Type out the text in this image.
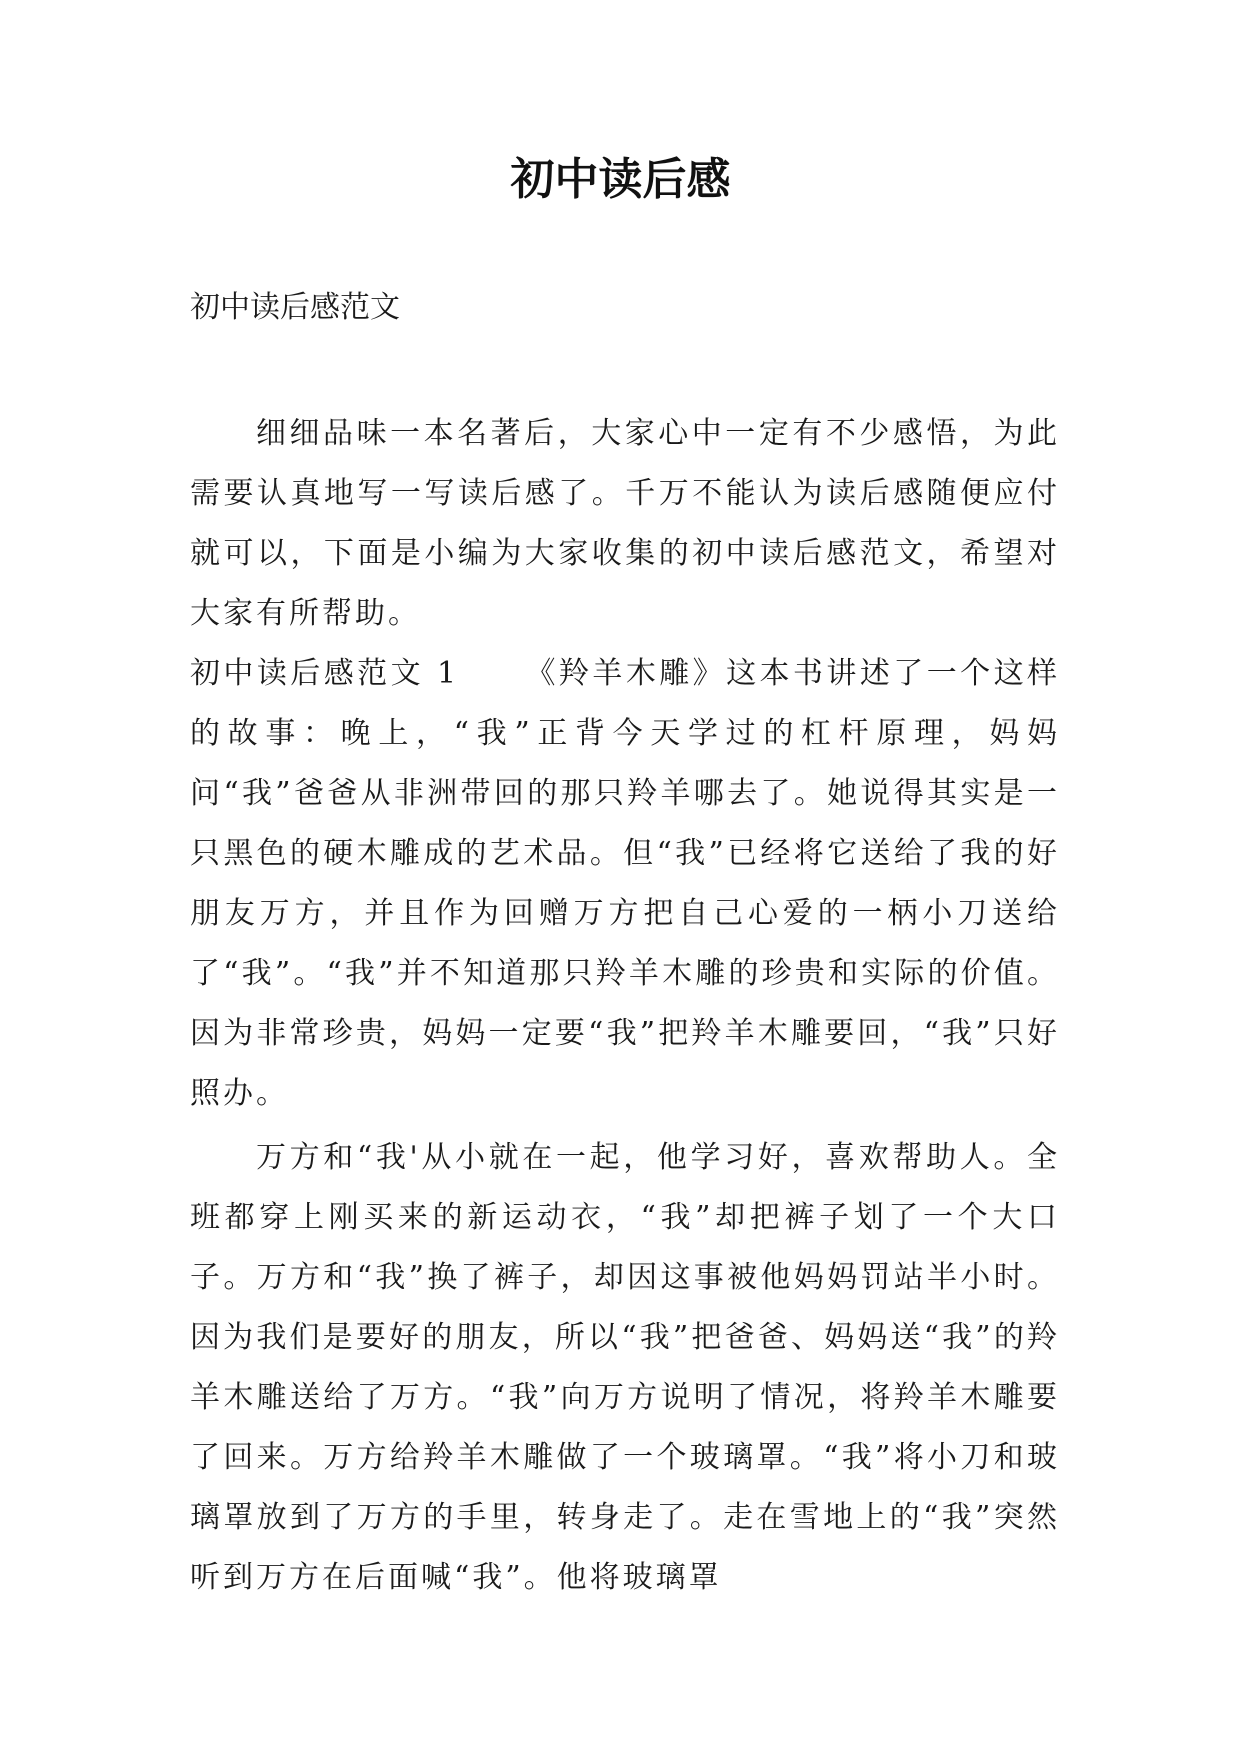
初中读后感

初中读后感范文

细细品味一本名著后，大家心中一定有不少感悟，为此需要认真地写一写读后感了。千万不能认为读后感随便应付就可以，下面是小编为大家收集的初中读后感范文，希望对大家有所帮助。

初中读后感范文 1 《羚羊木雕》这本书讲述了一个这样的故事：晚上，“我”正背今天学过的杠杆原理，妈妈问“我”爸爸从非洲带回的那只羚羊哪去了。她说得其实是一只黑色的硬木雕成的艺术品。但“我”已经将它送给了我的好朋友万方，并且作为回赠万方把自己心爱的一柄小刀送给了“我”。“我”并不知道那只羚羊木雕的珍贵和实际的价值。因为非常珍贵，妈妈一定要“我”把羚羊木雕要回，“我”只好照办。

万方和“我'从小就在一起，他学习好，喜欢帮助人。全班都穿上刚买来的新运动衣，“我”却把裤子划了一个大口子。万方和“我”换了裤子，却因这事被他妈妈罚站半小时。因为我们是要好的朋友，所以“我”把爸爸、妈妈送“我”的羚羊木雕送给了万方。“我”向万方说明了情况，将羚羊木雕要了回来。万方给羚羊木雕做了一个玻璃罩。“我”将小刀和玻璃罩放到了万方的手里，转身走了。走在雪地上的“我”突然听到万方在后面喊“我”。他将玻璃罩
